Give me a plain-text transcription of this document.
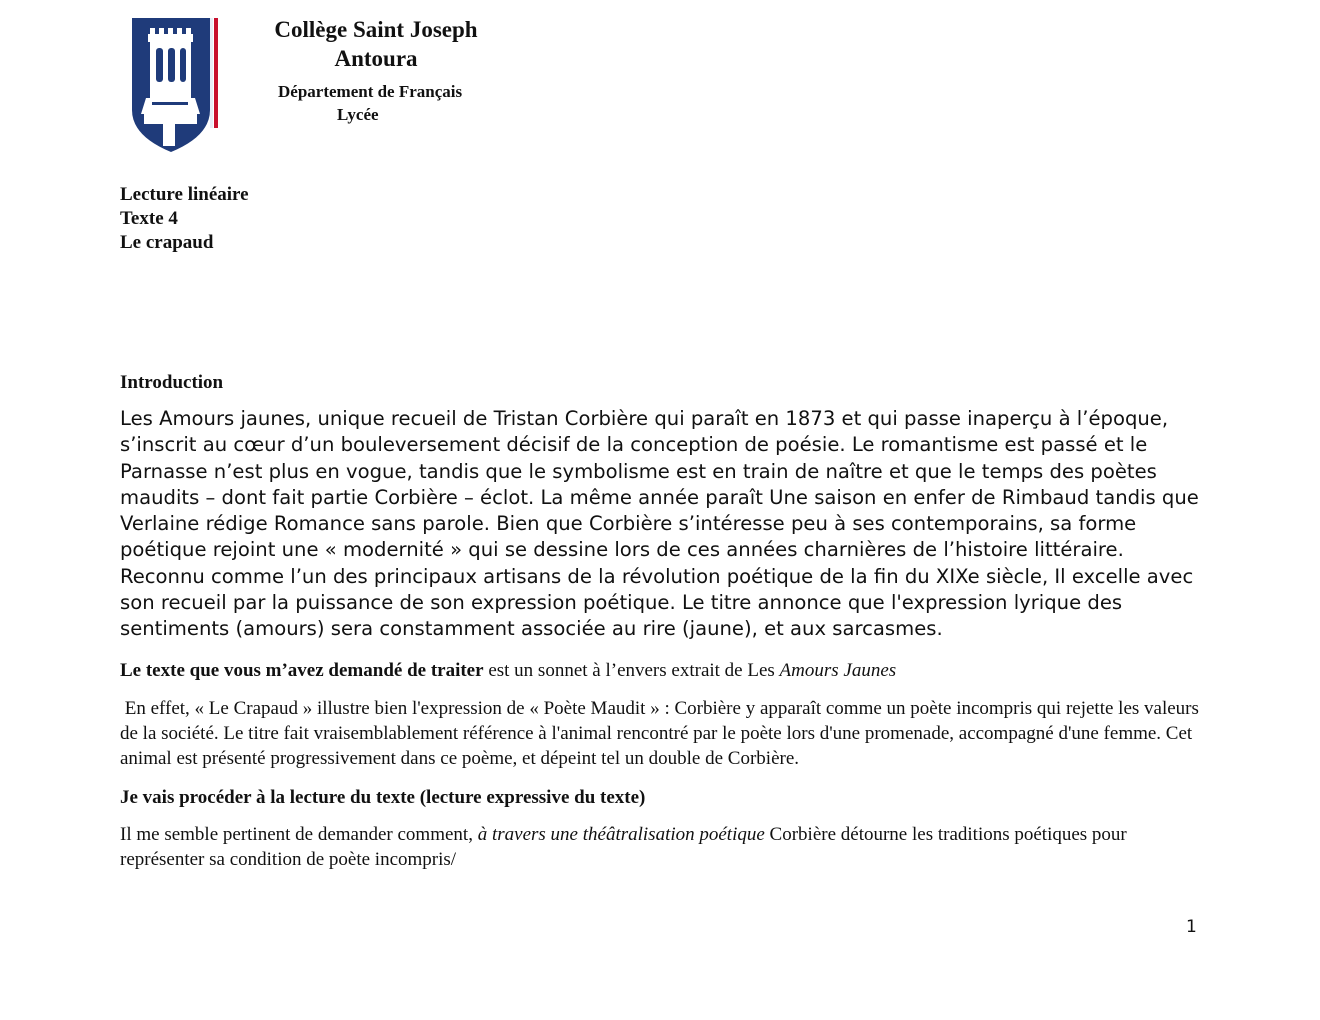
Collège Saint Joseph
Antoura
Département de Français
Lycée
Lecture linéaire
Texte 4
Le crapaud
Introduction

Les Amours jaunes, unique recueil de Tristan Corbière qui paraît en 1873 et qui passe inaperçu à l’époque, s’inscrit au cœur d’un bouleversement décisif de la conception de poésie. Le romantisme est passé et le Parnasse n’est plus en vogue, tandis que le symbolisme est en train de naître et que le temps des poètes maudits – dont fait partie Corbière – éclot. La même année paraît Une saison en enfer de Rimbaud tandis que Verlaine rédige Romance sans parole. Bien que Corbière s’intéresse peu à ses contemporains, sa forme poétique rejoint une « modernité » qui se dessine lors de ces années charnières de l’histoire littéraire. Reconnu comme l’un des principaux artisans de la révolution poétique de la fin du XIXe siècle, Il excelle avec son recueil par la puissance de son expression poétique. Le titre annonce que l'expression lyrique des sentiments (amours) sera constamment associée au rire (jaune), et aux sarcasmes.

Le texte que vous m’avez demandé de traiter est un sonnet à l’envers extrait de Les Amours Jaunes

En effet, « Le Crapaud » illustre bien l'expression de « Poète Maudit » : Corbière y apparaît comme un poète incompris qui rejette les valeurs de la société. Le titre fait vraisemblablement référence à l'animal rencontré par le poète lors d'une promenade, accompagné d'une femme. Cet animal est présenté progressivement dans ce poème, et dépeint tel un double de Corbière.

Je vais procéder à la lecture du texte (lecture expressive du texte)

Il me semble pertinent de demander comment, à travers une théâtralisation poétique Corbière détourne les traditions poétiques pour représenter sa condition de poète incompris/

1
